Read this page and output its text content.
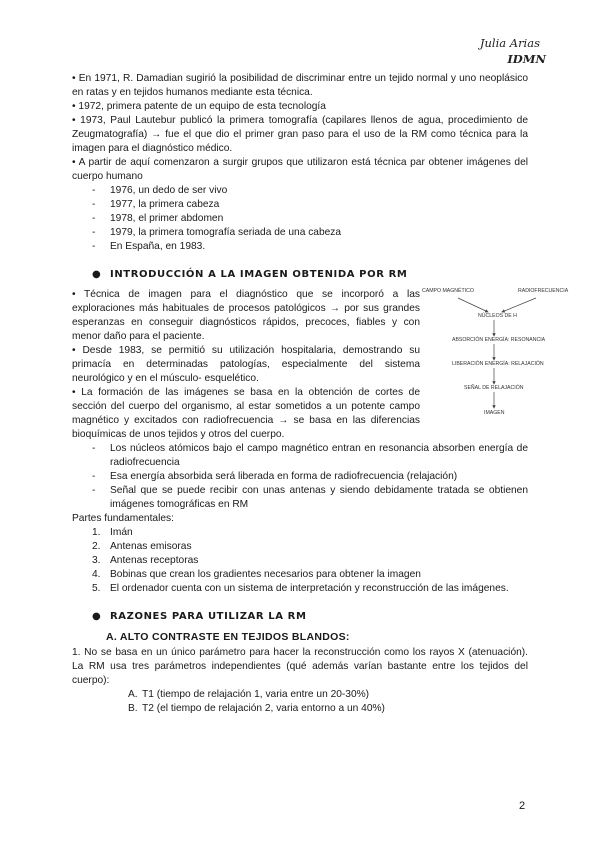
Julia Arias
IDMN

• En 1971, R. Damadian sugirió la posibilidad de discriminar entre un tejido normal y uno neoplásico en ratas y en tejidos humanos mediante esta técnica.

• 1972, primera patente de un equipo de esta tecnología

• 1973, Paul Lautebur publicó la primera tomografía (capilares llenos de agua, procedimiento de Zeugmatografía) → fue el que dio el primer gran paso para el uso de la RM como técnica para la imagen para el diagnóstico médico.

• A partir de aquí comenzaron a surgir grupos que utilizaron está técnica par obtener imágenes del cuerpo humano

- 1976, un dedo de ser vivo
- 1977, la primera cabeza
- 1978, el primer abdomen
- 1979, la primera tomografía seriada de una cabeza
- En España, en 1983.
● INTRODUCCIÓN A LA IMAGEN OBTENIDA POR RM

• Técnica de imagen para el diagnóstico que se incorporó a las exploraciones más habituales de procesos patológicos → por sus grandes esperanzas en conseguir diagnósticos rápidos, precoces, fiables y con menor daño para el paciente.

• Desde 1983, se permitió su utilización hospitalaria, demostrando su primacía en determinadas patologías, especialmente del sistema neurológico y en el músculo- esquelético.

• La formación de las imágenes se basa en la obtención de cortes de sección del cuerpo del organismo, al estar sometidos a un potente campo magnético y excitados con radiofrecuencia → se basa en las diferencias bioquímicas de unos tejidos y otros del cuerpo.

- Los núcleos atómicos bajo el campo magnético entran en resonancia absorben energía de radiofrecuencia
- Esa energía absorbida será liberada en forma de radiofrecuencia (relajación)
- Señal que se puede recibir con unas antenas y siendo debidamente tratada se obtienen imágenes tomográficas en RM

Partes fundamentales:

1. Imán
2. Antenas emisoras
3. Antenas receptoras
4. Bobinas que crean los gradientes necesarios para obtener la imagen
5. El ordenador cuenta con un sistema de interpretación y reconstrucción de las imágenes.
● RAZONES PARA UTILIZAR LA RM
A. ALTO CONTRASTE EN TEJIDOS BLANDOS:

1. No se basa en un único parámetro para hacer la reconstrucción como los rayos X (atenuación). La RM usa tres parámetros independientes (qué además varían bastante entre los tejidos del cuerpo):

A. T1 (tiempo de relajación 1, varia entre un 20-30%)
B. T2 (el tiempo de relajación 2, varia entorno a un 40%)
CAMPO MAGNÉTICO	RADIOFRECUENCIA
NÚCLEOS DE H
ABSORCIÓN ENERGÍA: RESONANCIA
LIBERACIÓN ENERGÍA: RELAJACIÓN
SEÑAL DE RELAJACIÓN
IMAGEN
2
